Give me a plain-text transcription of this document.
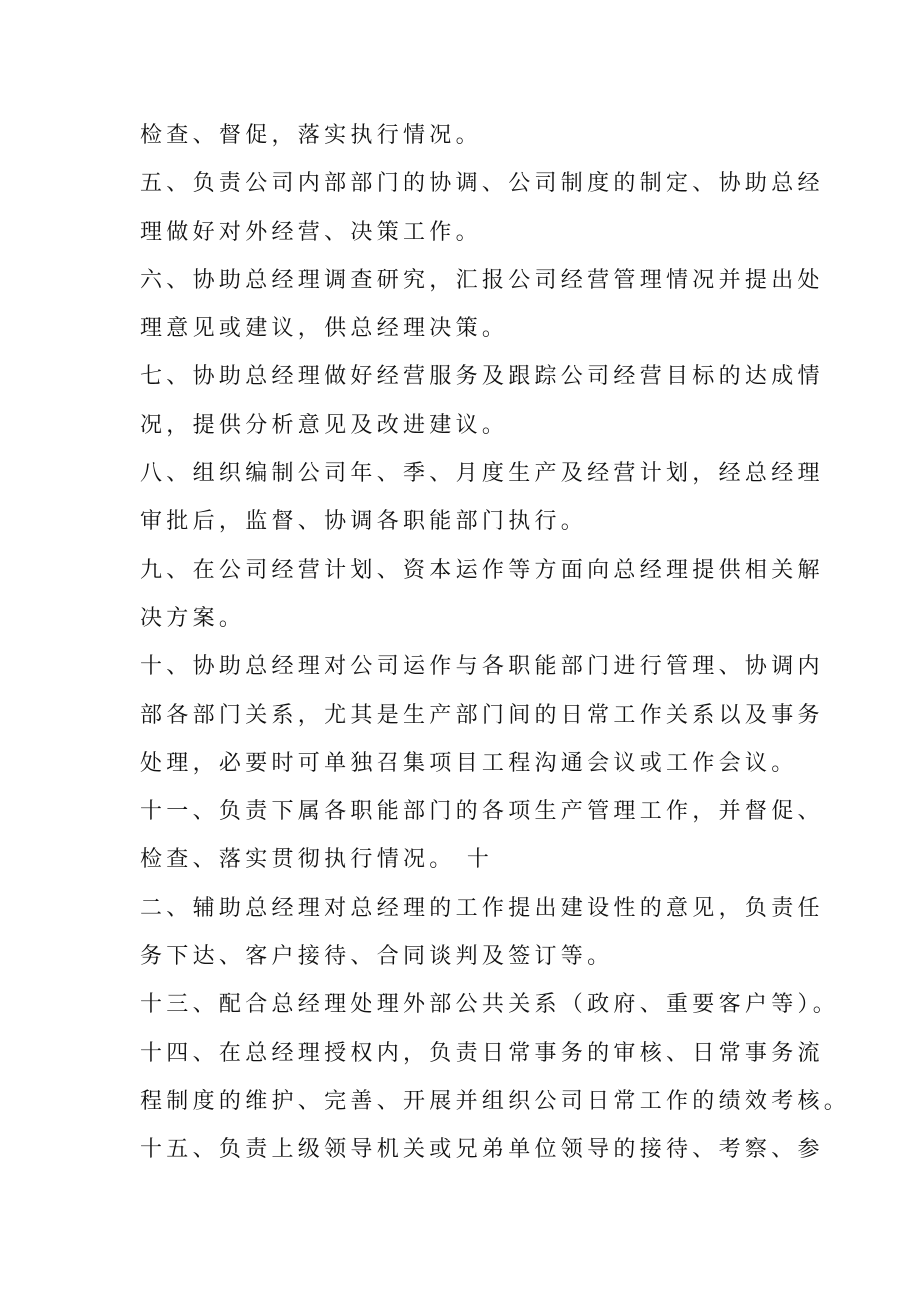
检查、督促，落实执行情况。
五、负责公司内部部门的协调、公司制度的制定、协助总经
理做好对外经营、决策工作。
六、协助总经理调查研究，汇报公司经营管理情况并提出处
理意见或建议，供总经理决策。
七、协助总经理做好经营服务及跟踪公司经营目标的达成情
况，提供分析意见及改进建议。
八、组织编制公司年、季、月度生产及经营计划，经总经理
审批后，监督、协调各职能部门执行。
九、在公司经营计划、资本运作等方面向总经理提供相关解
决方案。
十、协助总经理对公司运作与各职能部门进行管理、协调内
部各部门关系，尤其是生产部门间的日常工作关系以及事务
处理，必要时可单独召集项目工程沟通会议或工作会议。
十一、负责下属各职能部门的各项生产管理工作，并督促、
检查、落实贯彻执行情况。 十
二、辅助总经理对总经理的工作提出建设性的意见，负责任
务下达、客户接待、合同谈判及签订等。
十三、配合总经理处理外部公共关系（政府、重要客户等）。
十四、在总经理授权内，负责日常事务的审核、日常事务流
程制度的维护、完善、开展并组织公司日常工作的绩效考核。
十五、负责上级领导机关或兄弟单位领导的接待、考察、参
